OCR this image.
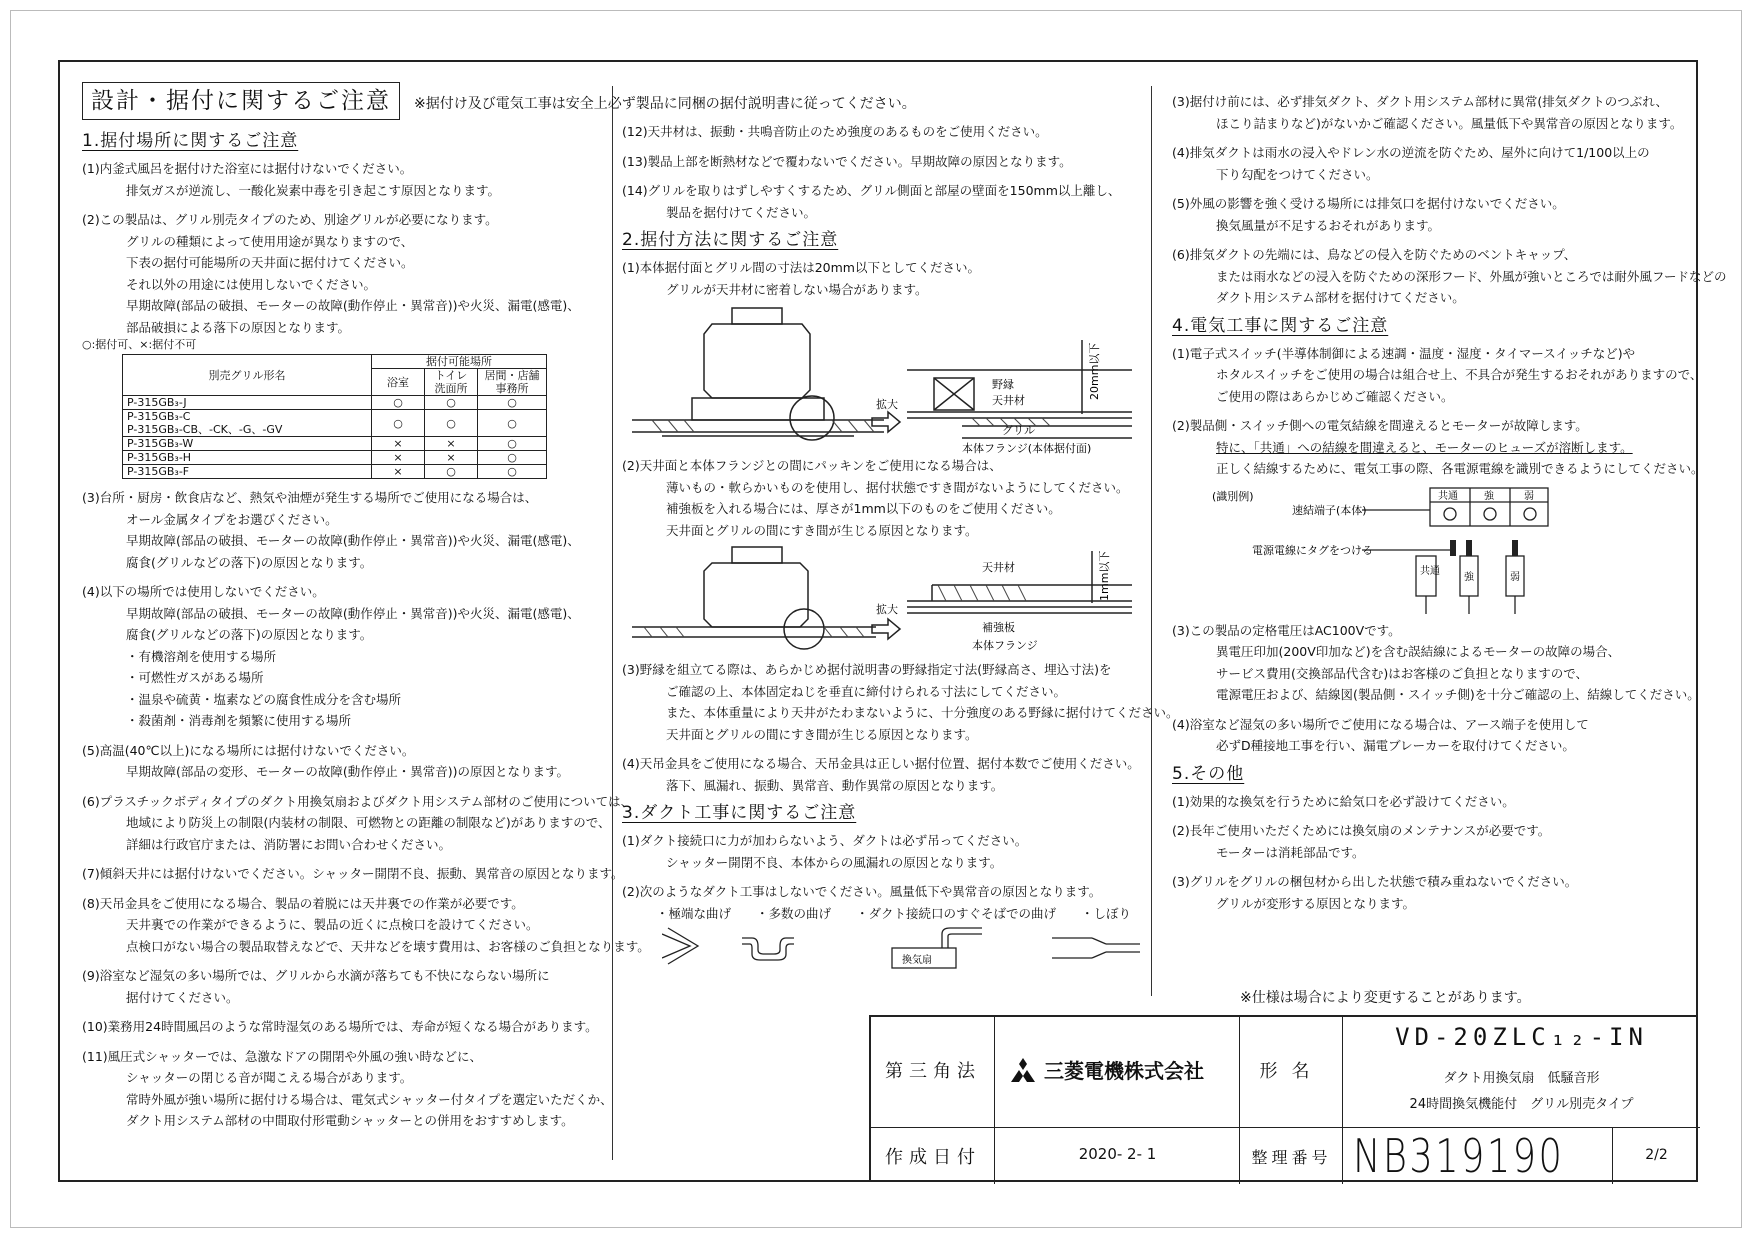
設計・据付に関するご注意 ※据付け及び電気工事は安全上必ず製品に同梱の据付説明書に従ってください。

1.据付場所に関するご注意

(1)内釜式風呂を据付けた浴室には据付けないでください。

排気ガスが逆流し、一酸化炭素中毒を引き起こす原因となります。

(2)この製品は、グリル別売タイプのため、別途グリルが必要になります。

グリルの種類によって使用用途が異なりますので、

下表の据付可能場所の天井面に据付けてください。

それ以外の用途には使用しないでください。

早期故障(部品の破損、モーターの故障(動作停止・異常音))や火災、漏電(感電)、

部品破損による落下の原因となります。

○:据付可、×:据付不可

別売グリル形名	据付可能場所		
	浴室	トイレ	居間・店舗
		洗面所	事務所
P-315GB₃-J	○	○	○
P-315GB₃-C
P-315GB₃-CB、-CK、-G、-GV	○	○	○
P-315GB₃-W	×	×	○
P-315GB₃-H	×	×	○
P-315GB₃-F	×	○	○

(3)台所・厨房・飲食店など、熱気や油煙が発生する場所でご使用になる場合は、

オール金属タイプをお選びください。

早期故障(部品の破損、モーターの故障(動作停止・異常音))や火災、漏電(感電)、

腐食(グリルなどの落下)の原因となります。

(4)以下の場所では使用しないでください。

早期故障(部品の破損、モーターの故障(動作停止・異常音))や火災、漏電(感電)、

腐食(グリルなどの落下)の原因となります。

・有機溶剤を使用する場所

・可燃性ガスがある場所

・温泉や硫黄・塩素などの腐食性成分を含む場所

・殺菌剤・消毒剤を頻繁に使用する場所

(5)高温(40℃以上)になる場所には据付けないでください。

早期故障(部品の変形、モーターの故障(動作停止・異常音))の原因となります。

(6)プラスチックボディタイプのダクト用換気扇およびダクト用システム部材のご使用については、

地域により防災上の制限(内装材の制限、可燃物との距離の制限など)がありますので、

詳細は行政官庁または、消防署にお問い合わせください。

(7)傾斜天井には据付けないでください。シャッター開閉不良、振動、異常音の原因となります。

(8)天吊金具をご使用になる場合、製品の着脱には天井裏での作業が必要です。

天井裏での作業ができるように、製品の近くに点検口を設けてください。

点検口がない場合の製品取替えなどで、天井などを壊す費用は、お客様のご負担となります。

(9)浴室など湿気の多い場所では、グリルから水滴が落ちても不快にならない場所に

据付けてください。

(10)業務用24時間風呂のような常時湿気のある場所では、寿命が短くなる場合があります。

(11)風圧式シャッターでは、急激なドアの開閉や外風の強い時などに、

シャッターの閉じる音が聞こえる場合があります。

常時外風が強い場所に据付ける場合は、電気式シャッター付タイプを選定いただくか、

ダクト用システム部材の中間取付形電動シャッターとの併用をおすすめします。

(12)天井材は、振動・共鳴音防止のため強度のあるものをご使用ください。

(13)製品上部を断熱材などで覆わないでください。早期故障の原因となります。

(14)グリルを取りはずしやすくするため、グリル側面と部屋の壁面を150mm以上離し、

製品を据付けてください。

2.据付方法に関するご注意

(1)本体据付面とグリル間の寸法は20mm以下としてください。

グリルが天井材に密着しない場合があります。

拡大
野縁
天井材
グリル
本体フランジ(本体据付面)
20mm以下

(2)天井面と本体フランジとの間にパッキンをご使用になる場合は、

薄いもの・軟らかいものを使用し、据付状態ですき間がないようにしてください。

補強板を入れる場合には、厚さが1mm以下のものをご使用ください。

天井面とグリルの間にすき間が生じる原因となります。

拡大
天井材
補強板
本体フランジ
1mm以下

(3)野縁を組立てる際は、あらかじめ据付説明書の野縁指定寸法(野縁高さ、埋込寸法)を

ご確認の上、本体固定ねじを垂直に締付けられる寸法にしてください。

また、本体重量により天井がたわまないように、十分強度のある野縁に据付けてください。

天井面とグリルの間にすき間が生じる原因となります。

(4)天吊金具をご使用になる場合、天吊金具は正しい据付位置、据付本数でご使用ください。

落下、風漏れ、振動、異常音、動作異常の原因となります。

3.ダクト工事に関するご注意

(1)ダクト接続口に力が加わらないよう、ダクトは必ず吊ってください。

シャッター開閉不良、本体からの風漏れの原因となります。

(2)次のようなダクト工事はしないでください。風量低下や異常音の原因となります。

・極端な曲げ　　・多数の曲げ　　・ダクト接続口のすぐそばでの曲げ　　・しぼり

換気扇

(3)据付け前には、必ず排気ダクト、ダクト用システム部材に異常(排気ダクトのつぶれ、

ほこり詰まりなど)がないかご確認ください。風量低下や異常音の原因となります。

(4)排気ダクトは雨水の浸入やドレン水の逆流を防ぐため、屋外に向けて1/100以上の

下り勾配をつけてください。

(5)外風の影響を強く受ける場所には排気口を据付けないでください。

換気風量が不足するおそれがあります。

(6)排気ダクトの先端には、鳥などの侵入を防ぐためのベントキャップ、

または雨水などの浸入を防ぐための深形フード、外風が強いところでは耐外風フードなどの

ダクト用システム部材を据付けてください。

4.電気工事に関するご注意

(1)電子式スイッチ(半導体制御による速調・温度・湿度・タイマースイッチなど)や

ホタルスイッチをご使用の場合は組合せ上、不具合が発生するおそれがありますので、

ご使用の際はあらかじめご確認ください。

(2)製品側・スイッチ側への電気結線を間違えるとモーターが故障します。

特に、「共通」への結線を間違えると、モーターのヒューズが溶断します。

正しく結線するために、電気工事の際、各電源電線を識別できるようにしてください。

(識別例)
速結端子(本体)
電源電線にタグをつける
共通	強	弱
共通
強	弱

(3)この製品の定格電圧はAC100Vです。

異電圧印加(200V印加など)を含む誤結線によるモーターの故障の場合、

サービス費用(交換部品代含む)はお客様のご負担となりますので、

電源電圧および、結線図(製品側・スイッチ側)を十分ご確認の上、結線してください。

(4)浴室など湿気の多い場所でご使用になる場合は、アース端子を使用して

必ずD種接地工事を行い、漏電ブレーカーを取付けてください。

5.その他

(1)効果的な換気を行うために給気口を必ず設けてください。

(2)長年ご使用いただくためには換気扇のメンテナンスが必要です。

モーターは消耗部品です。

(3)グリルをグリルの梱包材から出した状態で積み重ねないでください。

グリルが変形する原因となります。

※仕様は場合により変更することがあります。
第三角法	三菱電機株式会社	形名
VD-20ZLC₁₂-IN
ダクト用換気扇　低騒音形
24時間換気機能付　グリル別売タイプ
作成日付	2020- 2- 1	整理番号 NB319190	2/2
